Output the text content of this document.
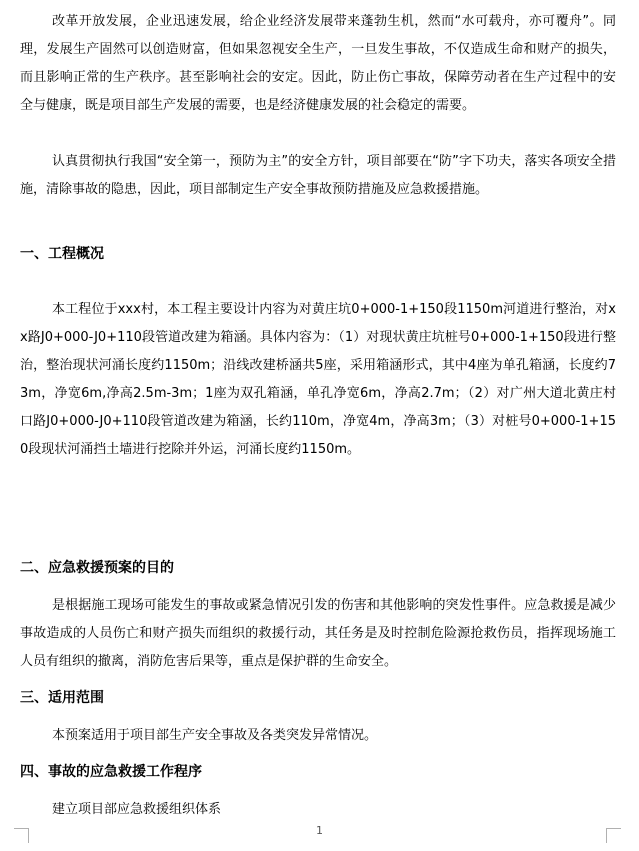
改革开放发展，企业迅速发展，给企业经济发展带来蓬勃生机，然而“水可载舟，亦可覆舟”。同理，发展生产固然可以创造财富，但如果忽视安全生产，一旦发生事故，不仅造成生命和财产的损失，而且影响正常的生产秩序。甚至影响社会的安定。因此，防止伤亡事故，保障劳动者在生产过程中的安全与健康，既是项目部生产发展的需要，也是经济健康发展的社会稳定的需要。

认真贯彻执行我国“安全第一，预防为主”的安全方针，项目部要在“防”字下功夫，落实各项安全措施，清除事故的隐患，因此，项目部制定生产安全事故预防措施及应急救援措施。

一、工程概况

本工程位于xxx村，本工程主要设计内容为对黄庄坑0+000-1+150段1150m河道进行整治，对xx路J0+000-J0+110段管道改建为箱涵。具体内容为：（1）对现状黄庄坑桩号0+000-1+150段进行整治，整治现状河涌长度约1150m；沿线改建桥涵共5座，采用箱涵形式，其中4座为单孔箱涵，长度约73m，净宽6m,净高2.5m-3m；1座为双孔箱涵，单孔净宽6m，净高2.7m；（2）对广州大道北黄庄村口路J0+000-J0+110段管道改建为箱涵，长约110m，净宽4m，净高3m；（3）对桩号0+000-1+150段现状河涌挡土墙进行挖除并外运，河涌长度约1150m。

二、应急救援预案的目的

是根据施工现场可能发生的事故或紧急情况引发的伤害和其他影响的突发性事件。应急救援是减少事故造成的人员伤亡和财产损失而组织的救援行动，其任务是及时控制危险源抢救伤员，指挥现场施工人员有组织的撤离，消防危害后果等，重点是保护群的生命安全。

三、适用范围

本预案适用于项目部生产安全事故及各类突发异常情况。

四、事故的应急救援工作程序

建立项目部应急救援组织体系

1
